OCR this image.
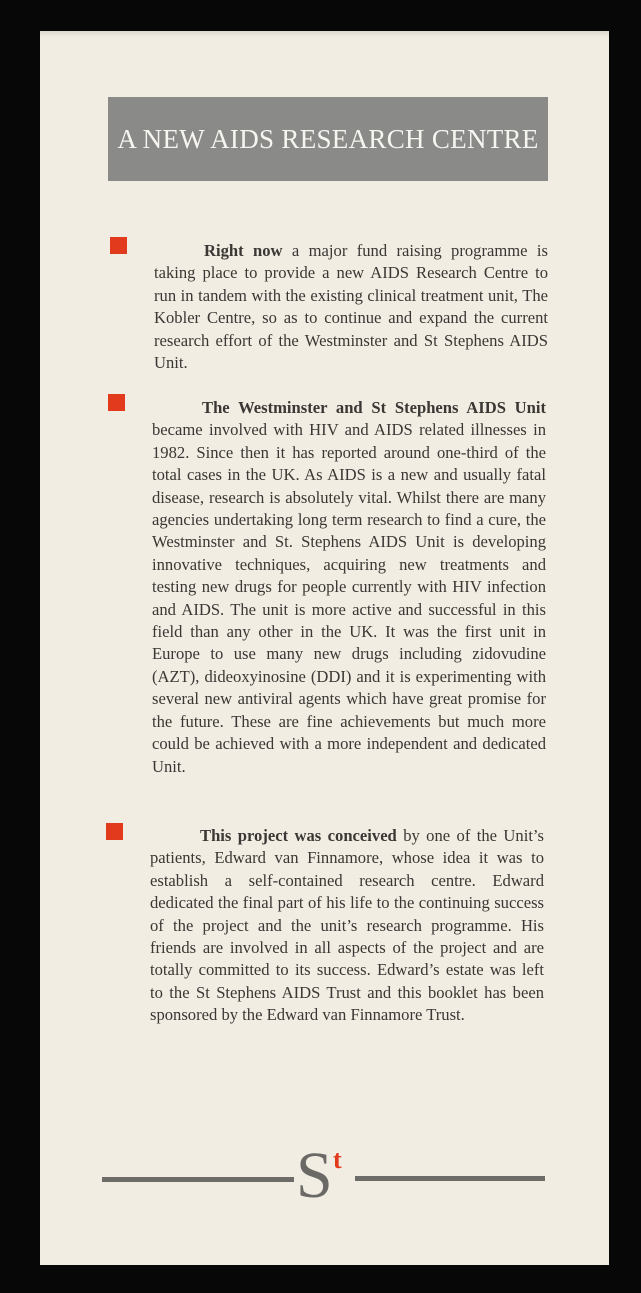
A NEW AIDS RESEARCH CENTRE
Right now a major fund raising programme is taking place to provide a new AIDS Research Centre to run in tandem with the existing clinical treatment unit, The Kobler Centre, so as to continue and expand the current research effort of the Westminster and St Stephens AIDS Unit.
The Westminster and St Stephens AIDS Unit became involved with HIV and AIDS related illnesses in 1982. Since then it has reported around one-third of the total cases in the UK. As AIDS is a new and usually fatal disease, research is absolutely vital. Whilst there are many agencies undertaking long term research to find a cure, the Westminster and St. Stephens AIDS Unit is developing innovative techniques, acquiring new treatments and testing new drugs for people currently with HIV infection and AIDS. The unit is more active and successful in this field than any other in the UK. It was the first unit in Europe to use many new drugs including zidovudine (AZT), dideoxyinosine (DDI) and it is experimenting with several new antiviral agents which have great promise for the future. These are fine achievements but much more could be achieved with a more independent and dedicated Unit.
This project was conceived by one of the Unit’s patients, Edward van Finnamore, whose idea it was to establish a self-contained research centre. Edward dedicated the final part of his life to the continuing success of the project and the unit’s research programme. His friends are involved in all aspects of the project and are totally committed to its success. Edward’s estate was left to the St Stephens AIDS Trust and this booklet has been sponsored by the Edward van Finnamore Trust.
S t
